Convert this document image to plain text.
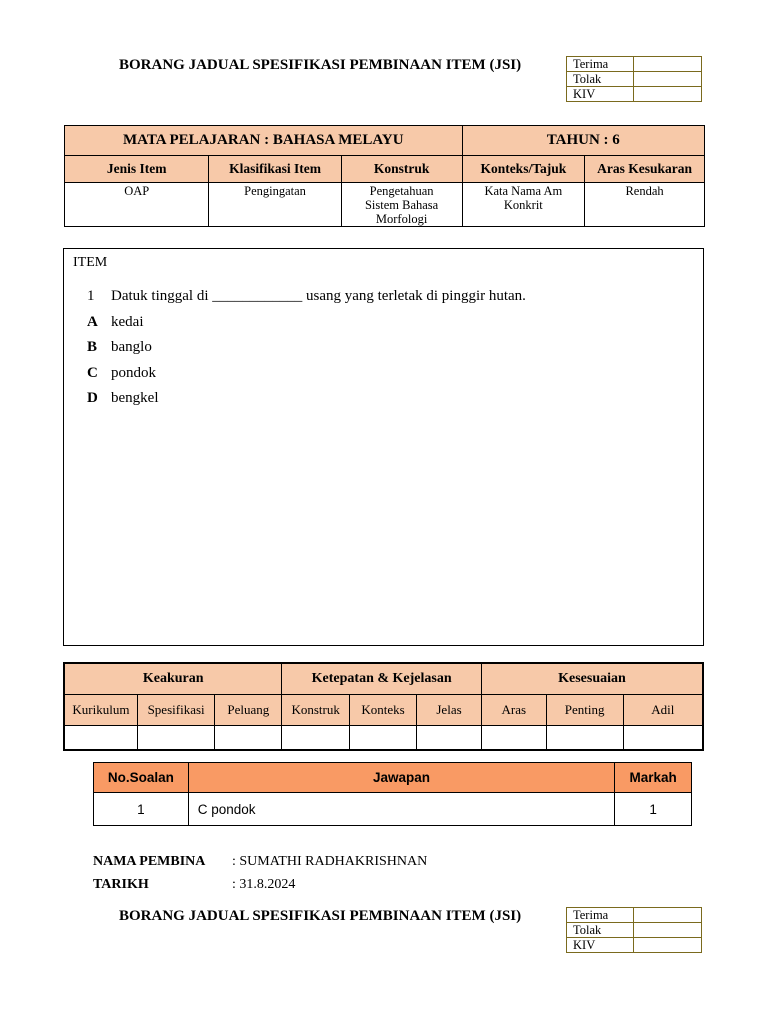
BORANG JADUAL SPESIFIKASI PEMBINAAN ITEM (JSI)	Terima	
Tolak	
KIV	
MATA PELAJARAN : BAHASA MELAYU			TAHUN : 6	
Jenis Item	Klasifikasi Item	Konstruk	Konteks/Tajuk	Aras Kesukaran
OAP	Pengingatan	Pengetahuan Sistem Bahasa Morfologi	Kata Nama Am Konkrit	Rendah
ITEM
1	Datuk tinggal di ____________ usang yang terletak di pinggir hutan.
A kedai
B banglo
C pondok
D bengkel
Keakuran			Ketepatan & Kejelasan			Kesesuaian		
Kurikulum	Spesifikasi	Peluang	Konstruk	Konteks	Jelas	Aras	Penting	Adil

No.Soalan	Jawapan	Markah
1	C pondok	1
NAMA PEMBINA	: SUMATHI RADHAKRISHNAN
TARIKH	: 31.8.2024
BORANG JADUAL SPESIFIKASI PEMBINAAN ITEM (JSI)	Terima	
Tolak	
KIV	
